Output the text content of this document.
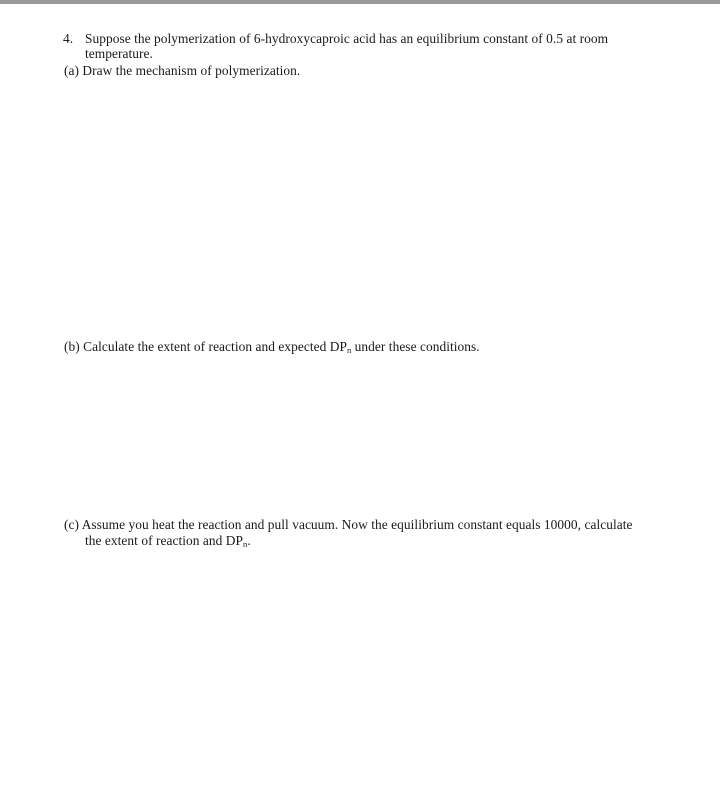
4. Suppose the polymerization of 6-hydroxycaproic acid has an equilibrium constant of 0.5 at room
temperature.
(a) Draw the mechanism of polymerization.
(b) Calculate the extent of reaction and expected $DP_n$ under these conditions.
(c) Assume you heat the reaction and pull vacuum. Now the equilibrium constant equals 10000, calculate
the extent of reaction and $DP_n$.
